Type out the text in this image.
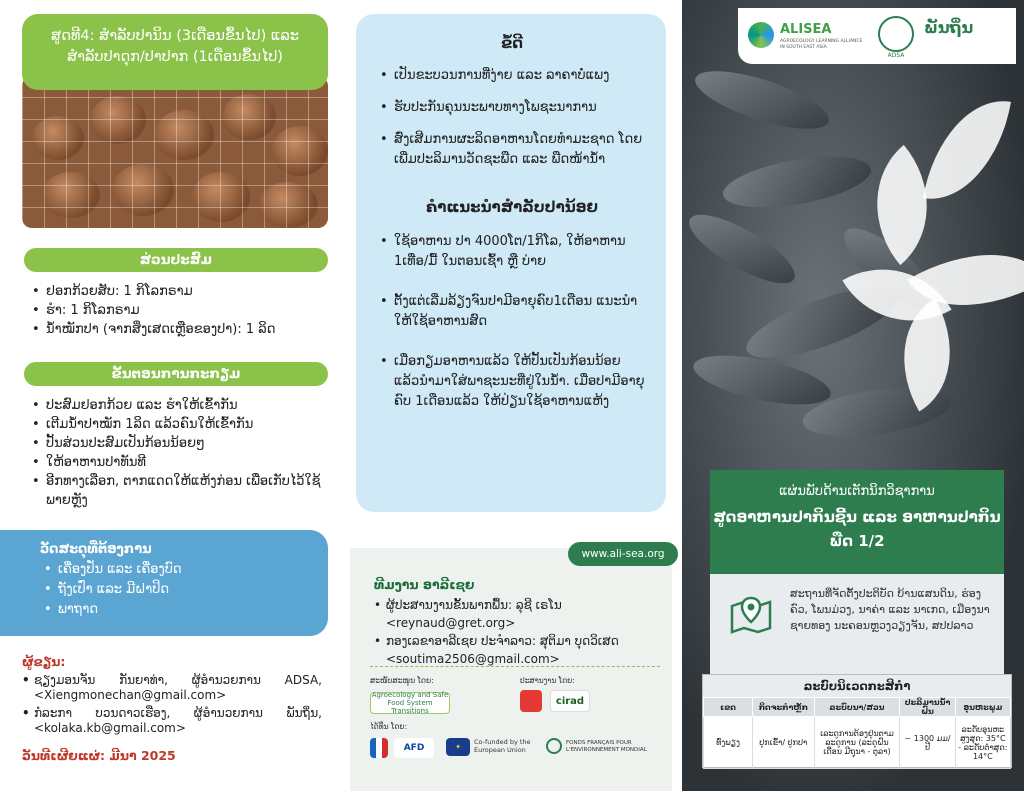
ສູດທີ4: ສຳລັບປານິນ (3ເດືອນຂຶ້ນໄປ) ແລະ ສຳລັບປາດຸກ/ປາປາກ (1ເດືອນຂຶ້ນໄປ)
ສ່ວນປະສົມ
• ຢອກກ້ວຍສັບ: 1 ກິໂລກຣາມ
• ຮຳ: 1 ກິໂລກຣາມ
• ນ້ຳໝັກປາ (ຈາກສິ່ງເສດເຫຼືອຂອງປາ): 1 ລິດ
ຂັ້ນຕອນການກະກຽມ
• ປະສົມຢອກກ້ວຍ ແລະ ຮຳໃຫ້ເຂົ້າກັນ
• ເຕີມນ້ຳປາໝັກ 1ລິດ ແລ້ວຄົນໃຫ້ເຂົ້າກັນ
• ປັ້ນສ່ວນປະສົມເປັນກ້ອນນ້ອຍໆ
• ໃຫ້ອາຫານປາທັນທີ
• ອີກທາງເລືອກ, ຕາກແດດໃຫ້ແຫ້ງກ່ອນ ເພື່ອເກັບໄວ້ໃຊ້ພາຍຫຼັງ
ວັດສະດຸທີ່ຕ້ອງການ
• ເຄື່ອງປັ່ນ ແລະ ເຄື່ອງບົດ
• ຖັງເປົ່າ ແລະ ມີຝາປິດ
• ພາຖາດ
ຜູ້ຂຽນ:
• ຊຽງມອນຈັນ ກັນຍາທ່າ, ຜູ້ອຳນວຍການ ADSA, <Xiengmonechan@gmail.com>
• ກໍລະກາ ບວນດາວເຮືອງ, ຜູ້ອຳນວຍການ ພັນຖິ່ນ, <kolaka.kb@gmail.com>
ວັນທີເຜີຍແຜ່: ມີນາ 2025
ຂໍ້ດີ
• ເປັນຂະບວນການທີ່ງ່າຍ ແລະ ລາຄາບໍ່ແພງ
• ຮັບປະກັນຄຸນນະພາບທາງໂພຊະນາການ
• ສົ່ງເສີມການຜະລິດອາຫານໂດຍທຳມະຊາດ ໂດຍເພີ່ມປະລິມານວັດຊະພືດ ແລະ ພືດໜ້ານ້ຳ
ຄຳແນະນຳສຳລັບປານ້ອຍ
• ໃຊ້ອາຫານ ປາ 4000ໂຕ/1ກິໂລ, ໃຫ້ອາຫານ 1ເທື່ອ/ມື້ ໃນຕອນເຊົ້າ ຫຼື ບ່າຍ
• ຕັ້ງແຕ່ເລີ່ມລ້ຽງຈົນປາມີອາຍຸຄົບ1ເດືອນ ແນະນຳໃຫ້ໃຊ້ອາຫານສົດ
• ເມື່ອກຽມອາຫານແລ້ວ ໃຫ້ປັ້ນເປັນກ້ອນນ້ອຍ ແລ້ວນຳມາໃສ່ພາຊະນະທີ່ຢູ່ໃນນ້ຳ. ເມື່ອປາມີອາຍຸຄົບ 1ເດືອນແລ້ວ ໃຫ້ປ່ຽນໃຊ້ອາຫານແຫ້ງ
www.ali-sea.org
ທີມງານ ອາລີເຊຍ
• ຜູ້ປະສານງານຂັ້ນພາກພື້ນ: ລຸຊີ ເຣໂນ <reynaud@gret.org>
• ກອງເລຂາອາລີເຊຍ ປະຈຳລາວ: ສຸຕິມາ ບຸດວິເສດ <soutima2506@gmail.com>
ສະໜັບສະໜູນ ໂດຍ:	ປະສານງານ ໂດຍ:
Agroecology and Safe Food System Transitions
cirad
ໄດ້ທຶນ ໂດຍ:
AFD	✦
Co-funded by the European Union
FONDS FRANÇAIS POUR L'ENVIRONNEMENT MONDIAL
ALISEA
AGROECOLOGY LEARNING ALLIANCE IN SOUTH EAST ASIA
ADSA
ພັນຖິ່ນ
ແຜ່ນພັບດ້ານເຕັກນິກວິຊາການ
ສູດອາຫານປາກິນຊີ້ນ ແລະ ອາຫານປາກິນພືດ 1/2
ສະຖານທີ່ຈັດຕັ້ງປະຕິບັດ ບ້ານແສນດິນ, ຮ່ອງຄົວ, ໂພນມ່ວງ, ນາຄ່າ ແລະ ນາເກດ, ເມືອງນາຊາຍທອງ ນະຄອນຫຼວງວຽງຈັນ, ສປປລາວ
ລະບົບນິເວດກະສິກຳ
ເຂດ	ກິດຈະກຳຫຼັກ	ລະບົບນາ/ສວນ	ປະລິມານນ້ຳຝົນ	ອຸນຫະພູມ
ທົ່ງພຽງ	ປູກເຂົ້າ/ ປູກປາ	ເລະດູການຕ້ອງຢູ່ນຕາມລະດູການ (ລະດູຝົນ ເດືອນ ມີຖຸນາ - ຕຸລາ)	~ 1300 ມມ/ປີ	ລະດັບອຸນຫະສູງສຸດ: 35°C - ລະດັບຕໍ່າສຸດ: 14°C
